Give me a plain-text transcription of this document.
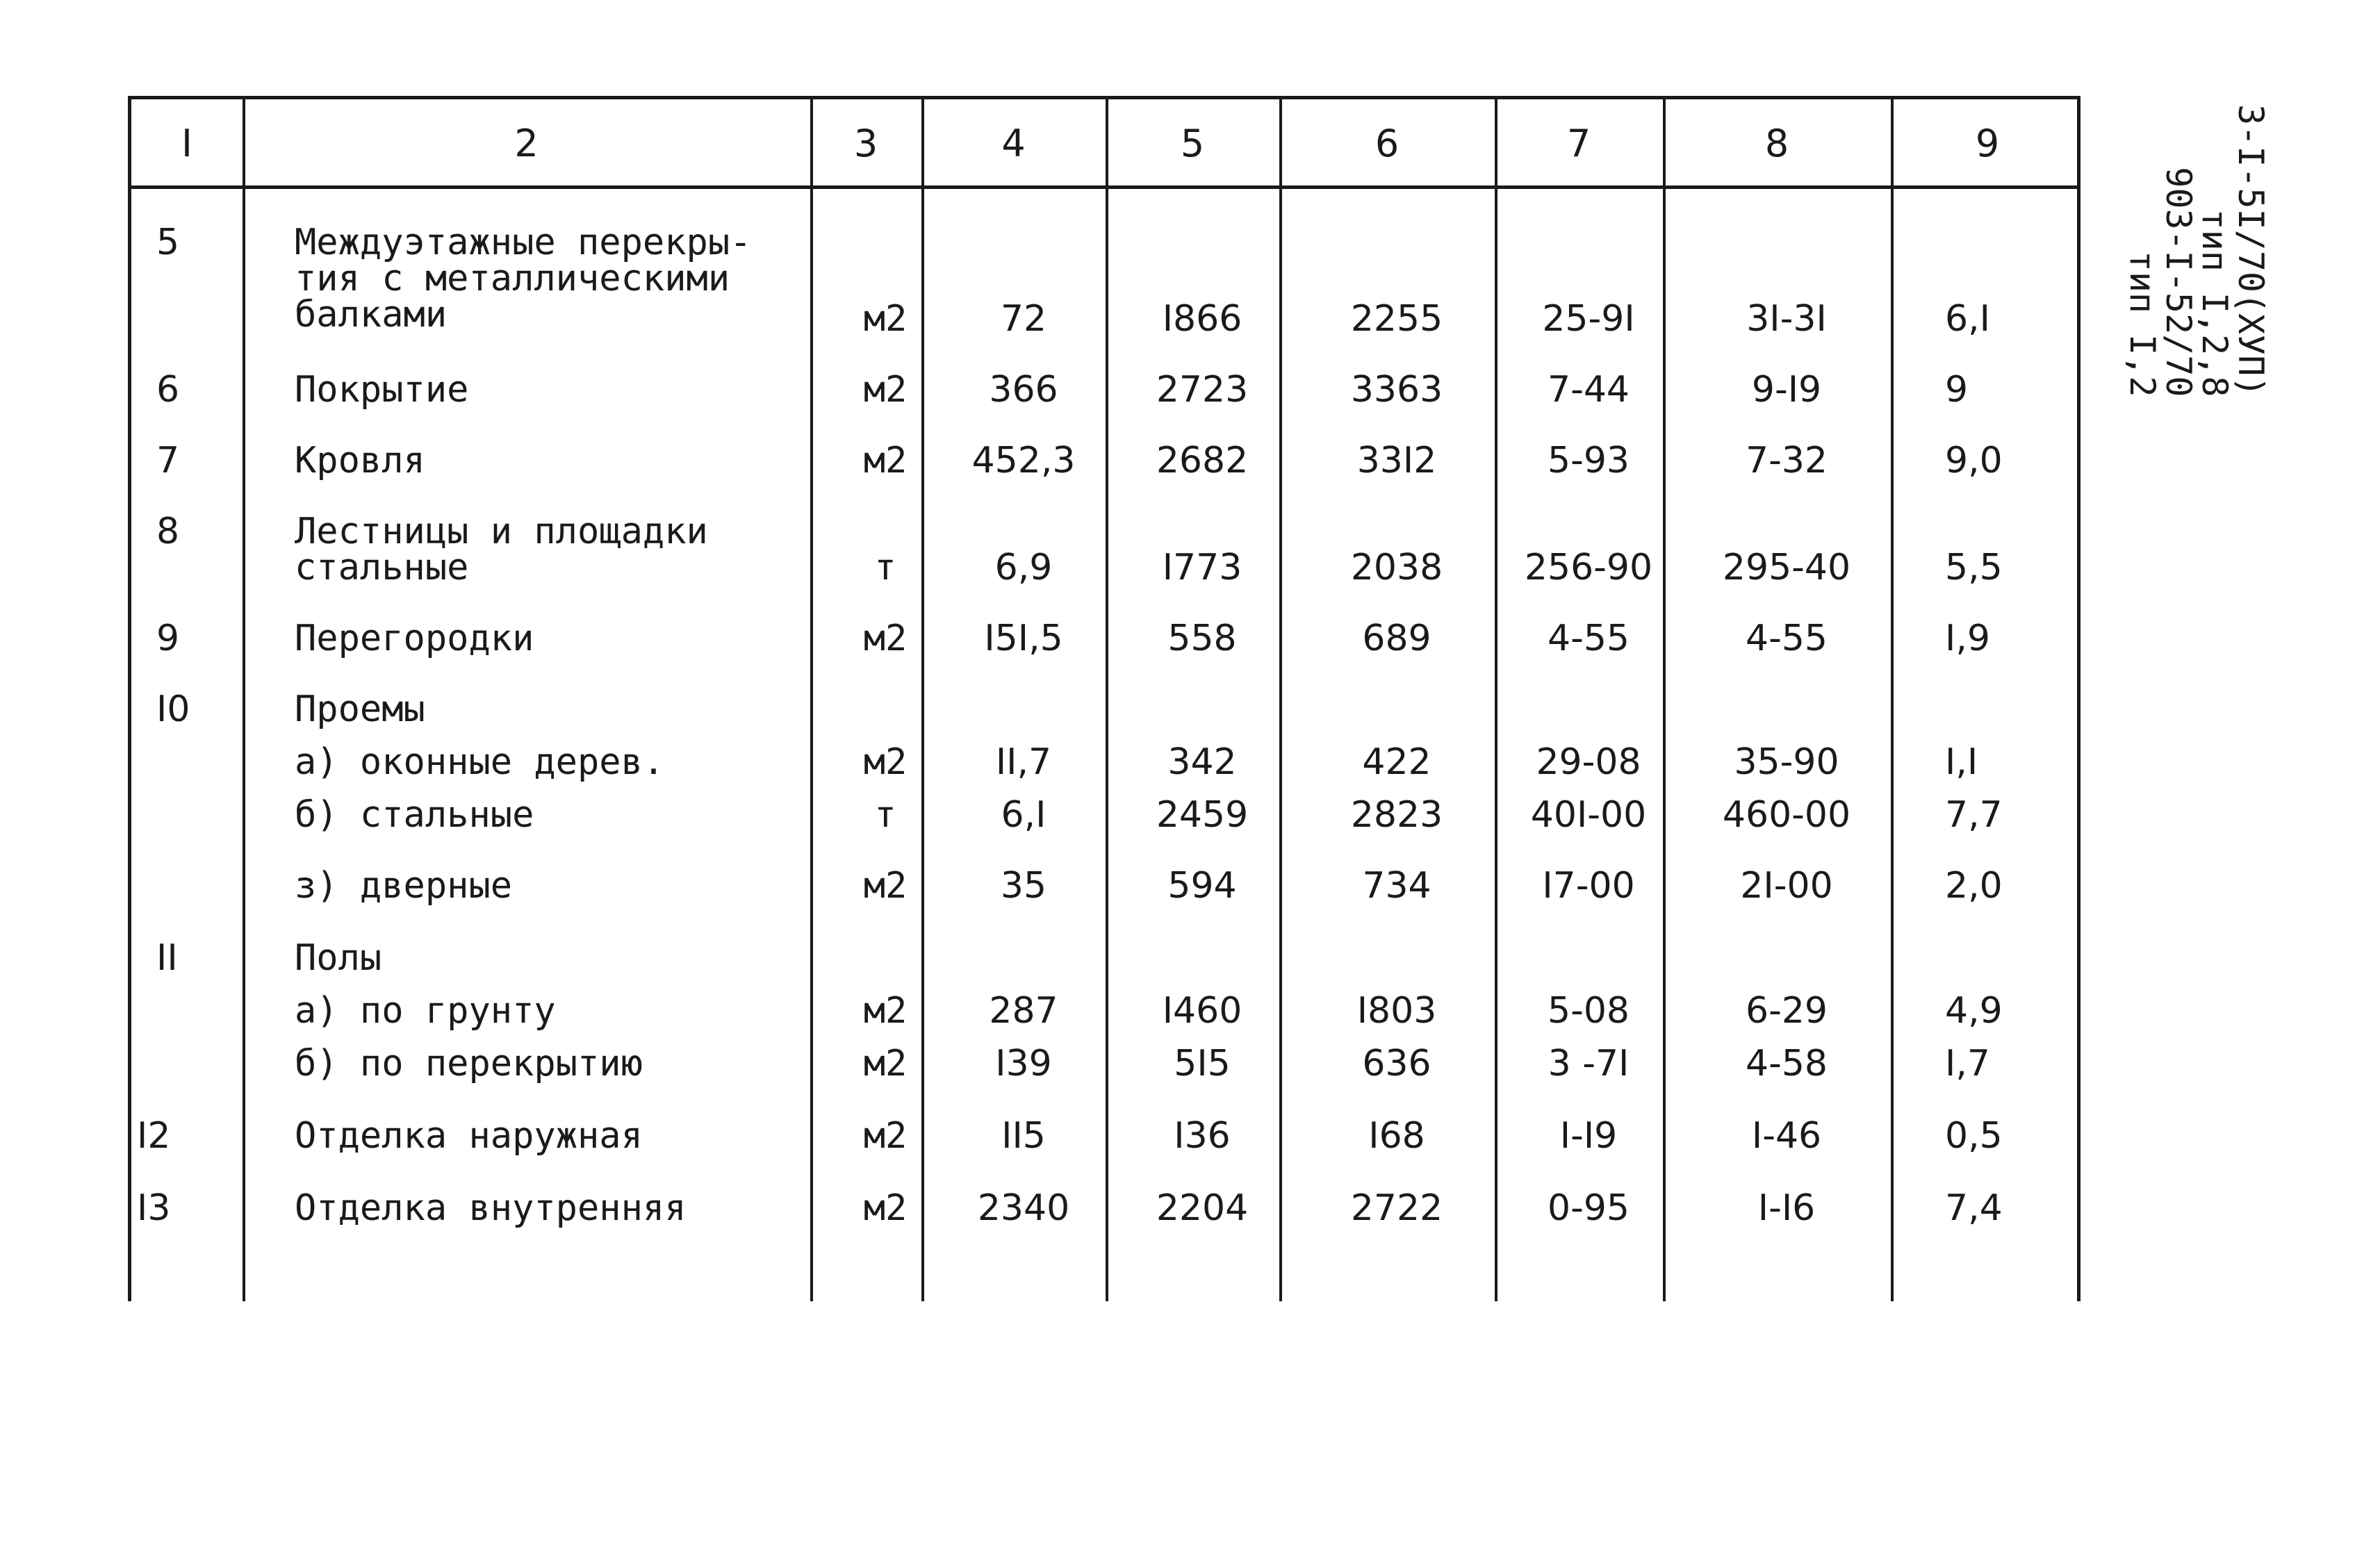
I	2	3	4	5	6	7	8	9
5	Междуэтажные перекры-
тия с металлическими
балками	м2	72	I866	2255	25-9I	3I-3I	6,I
6	Покрытие	м2	366	2723	3363	7-44	9-I9	9
7	Кровля	м2	452,3	2682	33I2	5-93	7-32	9,0
8	Лестницы и площадки
стальные	т	6,9	I773	2038	256-90	295-40	5,5
9	Перегородки	м2	I5I,5	558	689	4-55	4-55	I,9
I0	Проемы
а) оконные дерев.	м2	II,7	342	422	29-08	35-90	I,I
б) стальные	т	6,I	2459	2823	40I-00	460-00	7,7
з) дверные	м2	35	594	734	I7-00	2I-00	2,0
II	Полы
а) по грунту	м2	287	I460	I803	5-08	6-29	4,9
б) по перекрытию	м2	I39	5I5	636	3 -7I	4-58	I,7
I2	Отделка наружная	м2	II5	I36	I68	I-I9	I-46	0,5
I3	Отделка внутренняя	м2	2340	2204	2722	0-95	I-I6	7,4
3-I-5I/70(ХУП)
тип I,2,8
903-I-52/70
тип I,2
